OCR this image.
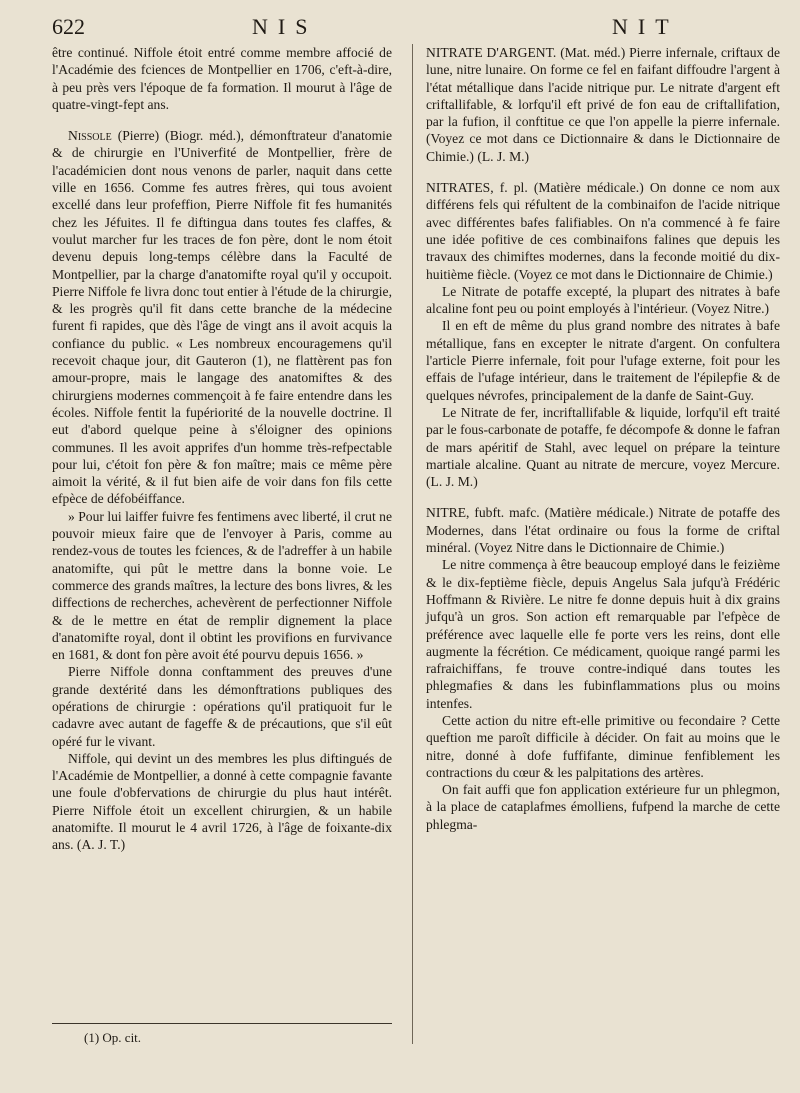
622	NIS	NIT

être continué. Niffole étoit entré comme membre affocié de l'Académie des fciences de Montpellier en 1706, c'eft-à-dire, à peu près vers l'époque de fa formation. Il mourut à l'âge de quatre-vingt-fept ans.

Nissole (Pierre) (Biogr. méd.), démonftrateur d'anatomie & de chirurgie en l'Univerfité de Montpellier, frère de l'académicien dont nous venons de parler, naquit dans cette ville en 1656. Comme fes autres frères, qui tous avoient excellé dans leur profeffion, Pierre Niffole fit fes humanités chez les Jéfuites. Il fe diftingua dans toutes fes claffes, & voulut marcher fur les traces de fon père, dont le nom étoit devenu depuis long-temps célèbre dans la Faculté de Montpellier, par la charge d'anatomifte royal qu'il y occupoit. Pierre Niffole fe livra donc tout entier à l'étude de la chirurgie, & les progrès qu'il fit dans cette branche de la médecine furent fi rapides, que dès l'âge de vingt ans il avoit acquis la confiance du public. « Les nombreux encouragemens qu'il recevoit chaque jour, dit Gauteron (1), ne flattèrent pas fon amour-propre, mais le langage des anatomiftes & des chirurgiens modernes commençoit à fe faire entendre dans les écoles. Niffole fentit la fupériorité de la nouvelle doctrine. Il eut d'abord quelque peine à s'éloigner des opinions communes. Il les avoit apprifes d'un homme très-refpectable pour lui, c'étoit fon père & fon maître; mais ce même père aimoit la vérité, & il fut bien aife de voir dans fon fils cette efpèce de défobéiffance.

» Pour lui laiffer fuivre fes fentimens avec liberté, il crut ne pouvoir mieux faire que de l'envoyer à Paris, comme au rendez-vous de toutes les fciences, & de l'adreffer à un habile anatomifte, qui pût le mettre dans la bonne voie. Le commerce des grands maîtres, la lecture des bons livres, & les diffections de recherches, achevèrent de perfectionner Niffole & de le mettre en état de remplir dignement la place d'anatomifte royal, dont il obtint les provifions en furvivance en 1681, & dont fon père avoit été pourvu depuis 1656. »

Pierre Niffole donna conftamment des preuves d'une grande dextérité dans les démonftrations publiques des opérations de chirurgie : opérations qu'il pratiquoit fur le cadavre avec autant de fageffe & de précautions, que s'il eût opéré fur le vivant.

Niffole, qui devint un des membres les plus diftingués de l'Académie de Montpellier, a donné à cette compagnie favante une foule d'obfervations de chirurgie du plus haut intérêt. Pierre Niffole étoit un excellent chirurgien, & un habile anatomifte. Il mourut le 4 avril 1726, à l'âge de foixante-dix ans. (A. J. T.)

NITRATE D'ARGENT. (Mat. méd.) Pierre infernale, criftaux de lune, nitre lunaire. On forme ce fel en faifant diffoudre l'argent à l'état métallique dans l'acide nitrique pur. Le nitrate d'argent eft criftallifable, & lorfqu'il eft privé de fon eau de criftallifation, par la fufion, il conftitue ce que l'on appelle la pierre infernale. (Voyez ce mot dans ce Dictionnaire & dans le Dictionnaire de Chimie.) (L. J. M.)

NITRATES, f. pl. (Matière médicale.) On donne ce nom aux différens fels qui réfultent de la combinaifon de l'acide nitrique avec différentes bafes falifiables. On n'a commencé à fe faire une idée pofitive de ces combinaifons falines que depuis les travaux des chimiftes modernes, dans la feconde moitié du dix-huitième fiècle. (Voyez ce mot dans le Dictionnaire de Chimie.)

Le Nitrate de potaffe excepté, la plupart des nitrates à bafe alcaline font peu ou point employés à l'intérieur. (Voyez Nitre.)

Il en eft de même du plus grand nombre des nitrates à bafe métallique, fans en excepter le nitrate d'argent. On confultera l'article Pierre infernale, foit pour l'ufage externe, foit pour les effais de l'ufage intérieur, dans le traitement de l'épilepfie & de quelques névrofes, principalement de la danfe de Saint-Guy.

Le Nitrate de fer, incriftallifable & liquide, lorfqu'il eft traité par le fous-carbonate de potaffe, fe décompofe & donne le fafran de mars apéritif de Stahl, avec lequel on prépare la teinture martiale alcaline. Quant au nitrate de mercure, voyez Mercure. (L. J. M.)

NITRE, fubft. mafc. (Matière médicale.) Nitrate de potaffe des Modernes, dans l'état ordinaire ou fous la forme de criftal minéral. (Voyez Nitre dans le Dictionnaire de Chimie.)

Le nitre commença à être beaucoup employé dans le feizième & le dix-feptième fiècle, depuis Angelus Sala jufqu'à Frédéric Hoffmann & Rivière. Le nitre fe donne depuis huit à dix grains jufqu'à un gros. Son action eft remarquable par l'efpèce de préférence avec laquelle elle fe porte vers les reins, dont elle augmente la fécrétion. Ce médicament, quoique rangé parmi les rafraichiffans, fe trouve contre-indiqué dans toutes les phlegmafies & dans les fubinflammations plus ou moins intenfes.

Cette action du nitre eft-elle primitive ou fecondaire ? Cette queftion me paroît difficile à décider. On fait au moins que le nitre, donné à dofe fuffifante, diminue fenfiblement les contractions du cœur & les palpitations des artères.

On fait auffi que fon application extérieure fur un phlegmon, à la place de cataplafmes émolliens, fufpend la marche de cette phlegma-

(1) Op. cit.
